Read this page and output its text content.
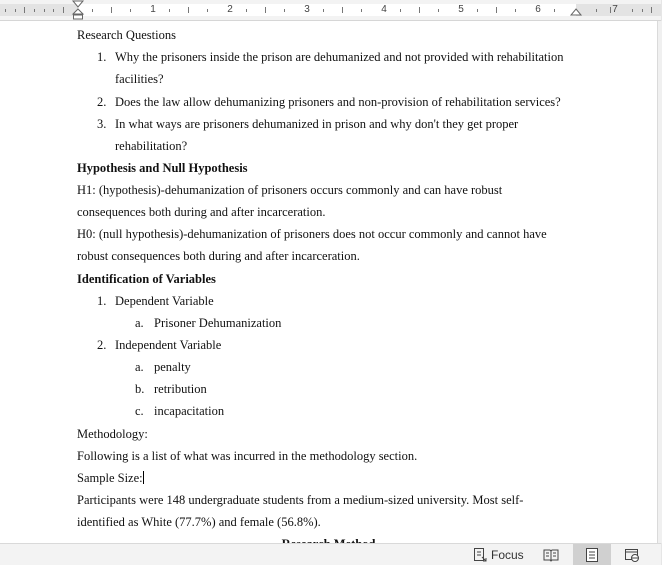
1	2	3	4	5	6	7
Research Questions
1. Why the prisoners inside the prison are dehumanized and not provided with rehabilitation
facilities?
2. Does the law allow dehumanizing prisoners and non-provision of rehabilitation services?
3. In what ways are prisoners dehumanized in prison and why don't they get proper
rehabilitation?
Hypothesis and Null Hypothesis
H1: (hypothesis)-dehumanization of prisoners occurs commonly and can have robust
consequences both during and after incarceration.
H0: (null hypothesis)-dehumanization of prisoners does not occur commonly and cannot have
robust consequences both during and after incarceration.
Identification of Variables
1. Dependent Variable
a. Prisoner Dehumanization
2. Independent Variable
a. penalty
b. retribution
c. incapacitation
Methodology:
Following is a list of what was incurred in the methodology section.
Sample Size:
Participants were 148 undergraduate students from a medium-sized university. Most self-
identified as White (77.7%) and female (56.8%).
Focus
